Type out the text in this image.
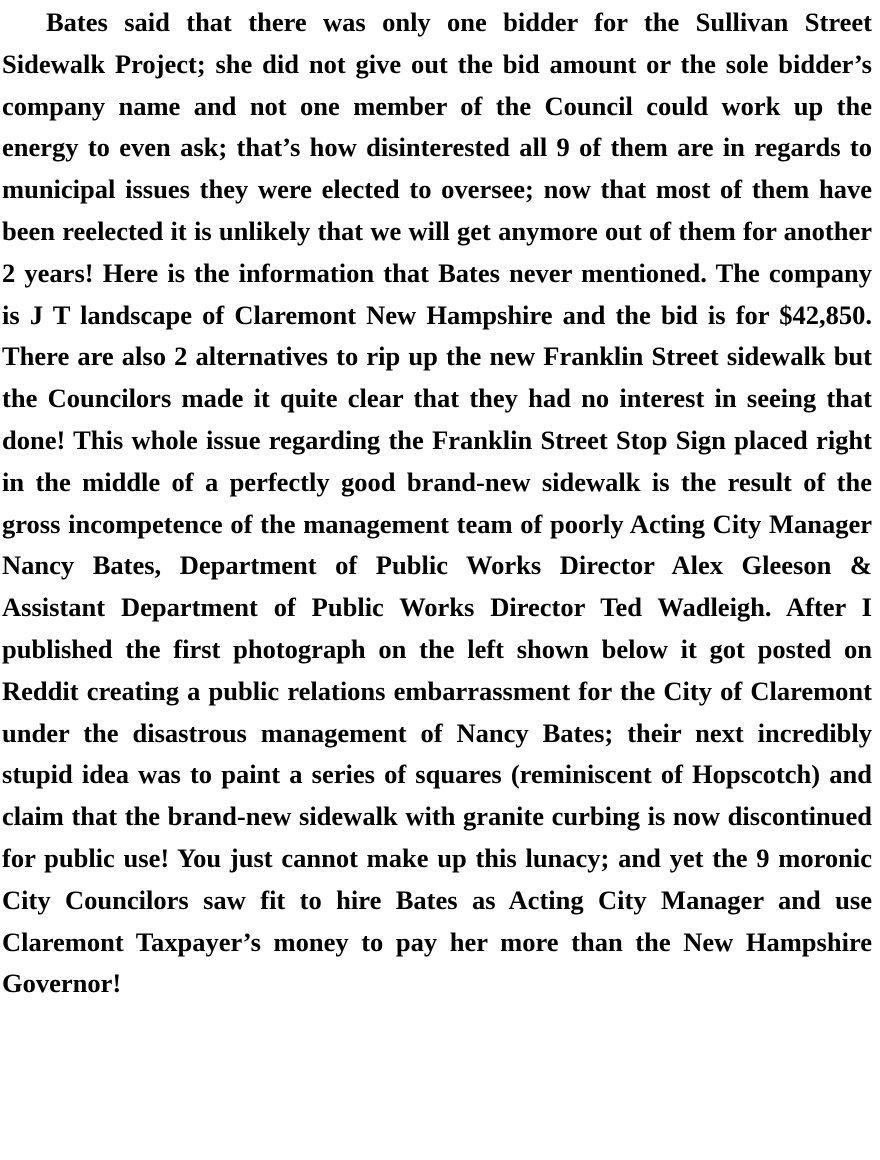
Bates said that there was only one bidder for the Sullivan Street Sidewalk Project; she did not give out the bid amount or the sole bidder’s company name and not one member of the Council could work up the energy to even ask; that’s how disinterested all 9 of them are in regards to municipal issues they were elected to oversee; now that most of them have been reelected it is unlikely that we will get anymore out of them for another 2 years! Here is the information that Bates never mentioned. The company is J T landscape of Claremont New Hampshire and the bid is for $42,850. There are also 2 alternatives to rip up the new Franklin Street sidewalk but the Councilors made it quite clear that they had no interest in seeing that done! This whole issue regarding the Franklin Street Stop Sign placed right in the middle of a perfectly good brand-new sidewalk is the result of the gross incompetence of the management team of poorly Acting City Manager Nancy Bates, Department of Public Works Director Alex Gleeson & Assistant Department of Public Works Director Ted Wadleigh. After I published the first photograph on the left shown below it got posted on Reddit creating a public relations embarrassment for the City of Claremont under the disastrous management of Nancy Bates; their next incredibly stupid idea was to paint a series of squares (reminiscent of Hopscotch) and claim that the brand-new sidewalk with granite curbing is now discontinued for public use! You just cannot make up this lunacy; and yet the 9 moronic City Councilors saw fit to hire Bates as Acting City Manager and use Claremont Taxpayer’s money to pay her more than the New Hampshire Governor!
